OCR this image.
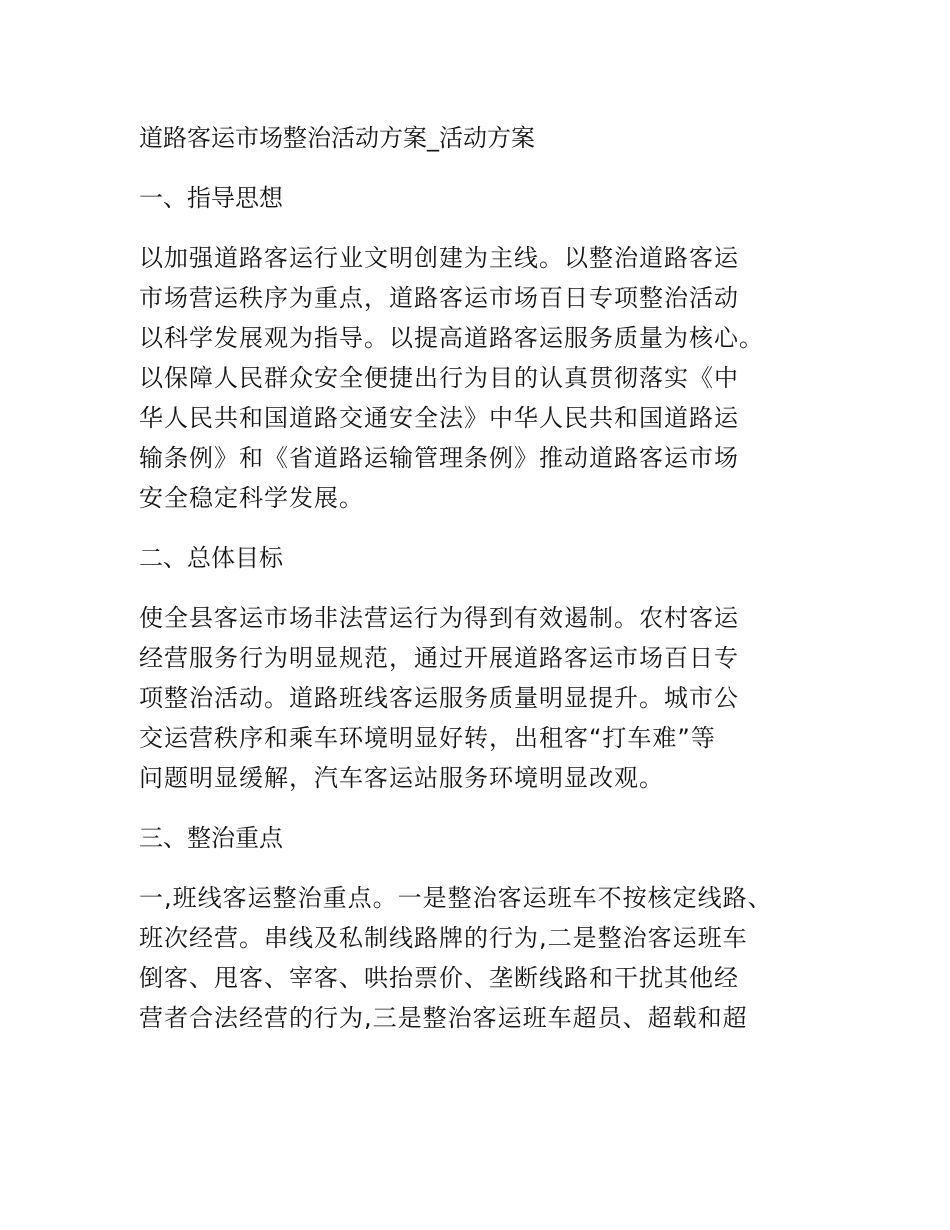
道路客运市场整治活动方案_活动方案
一、指导思想
以加强道路客运行业文明创建为主线。以整治道路客运
市场营运秩序为重点，道路客运市场百日专项整治活动
以科学发展观为指导。以提高道路客运服务质量为核心。
以保障人民群众安全便捷出行为目的认真贯彻落实《中
华人民共和国道路交通安全法》中华人民共和国道路运
输条例》和《省道路运输管理条例》推动道路客运市场
安全稳定科学发展。
二、总体目标
使全县客运市场非法营运行为得到有效遏制。农村客运
经营服务行为明显规范，通过开展道路客运市场百日专
项整治活动。道路班线客运服务质量明显提升。城市公
交运营秩序和乘车环境明显好转，出租客“打车难”等
问题明显缓解，汽车客运站服务环境明显改观。
三、整治重点
一,班线客运整治重点。一是整治客运班车不按核定线路、
班次经营。串线及私制线路牌的行为,二是整治客运班车
倒客、甩客、宰客、哄抬票价、垄断线路和干扰其他经
营者合法经营的行为,三是整治客运班车超员、超载和超
